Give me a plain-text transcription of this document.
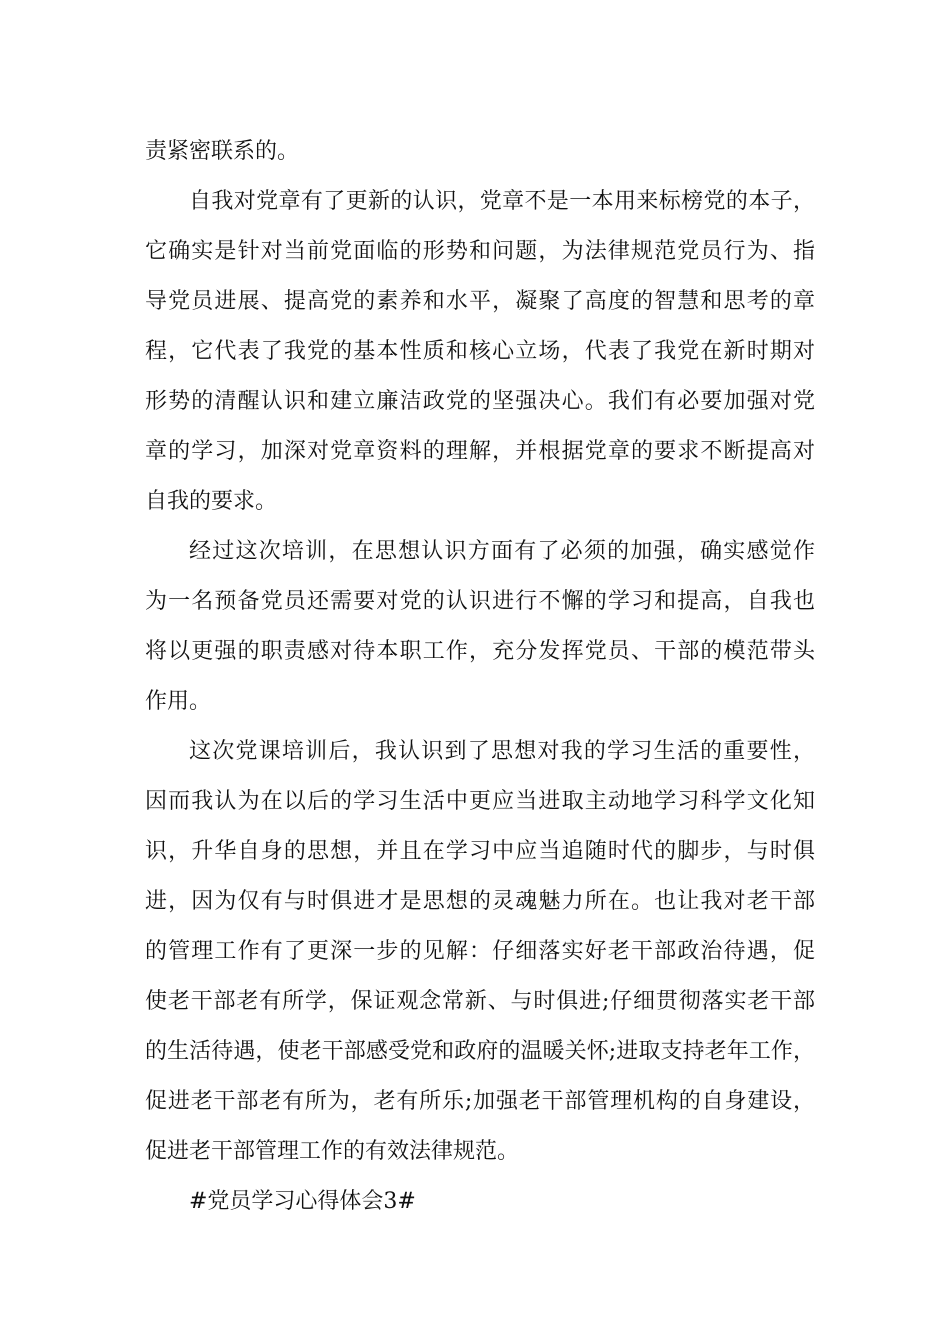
责紧密联系的。
自我对党章有了更新的认识，党章不是一本用来标榜党的本子，
它确实是针对当前党面临的形势和问题，为法律规范党员行为、指
导党员进展、提高党的素养和水平，凝聚了高度的智慧和思考的章
程，它代表了我党的基本性质和核心立场，代表了我党在新时期对
形势的清醒认识和建立廉洁政党的坚强决心。我们有必要加强对党
章的学习，加深对党章资料的理解，并根据党章的要求不断提高对
自我的要求。
经过这次培训，在思想认识方面有了必须的加强，确实感觉作
为一名预备党员还需要对党的认识进行不懈的学习和提高，自我也
将以更强的职责感对待本职工作，充分发挥党员、干部的模范带头
作用。
这次党课培训后，我认识到了思想对我的学习生活的重要性，
因而我认为在以后的学习生活中更应当进取主动地学习科学文化知
识，升华自身的思想，并且在学习中应当追随时代的脚步，与时俱
进，因为仅有与时俱进才是思想的灵魂魅力所在。也让我对老干部
的管理工作有了更深一步的见解：仔细落实好老干部政治待遇，促
使老干部老有所学，保证观念常新、与时俱进;仔细贯彻落实老干部
的生活待遇，使老干部感受党和政府的温暖关怀;进取支持老年工作，
促进老干部老有所为，老有所乐;加强老干部管理机构的自身建设，
促进老干部管理工作的有效法律规范。
#党员学习心得体会3#
